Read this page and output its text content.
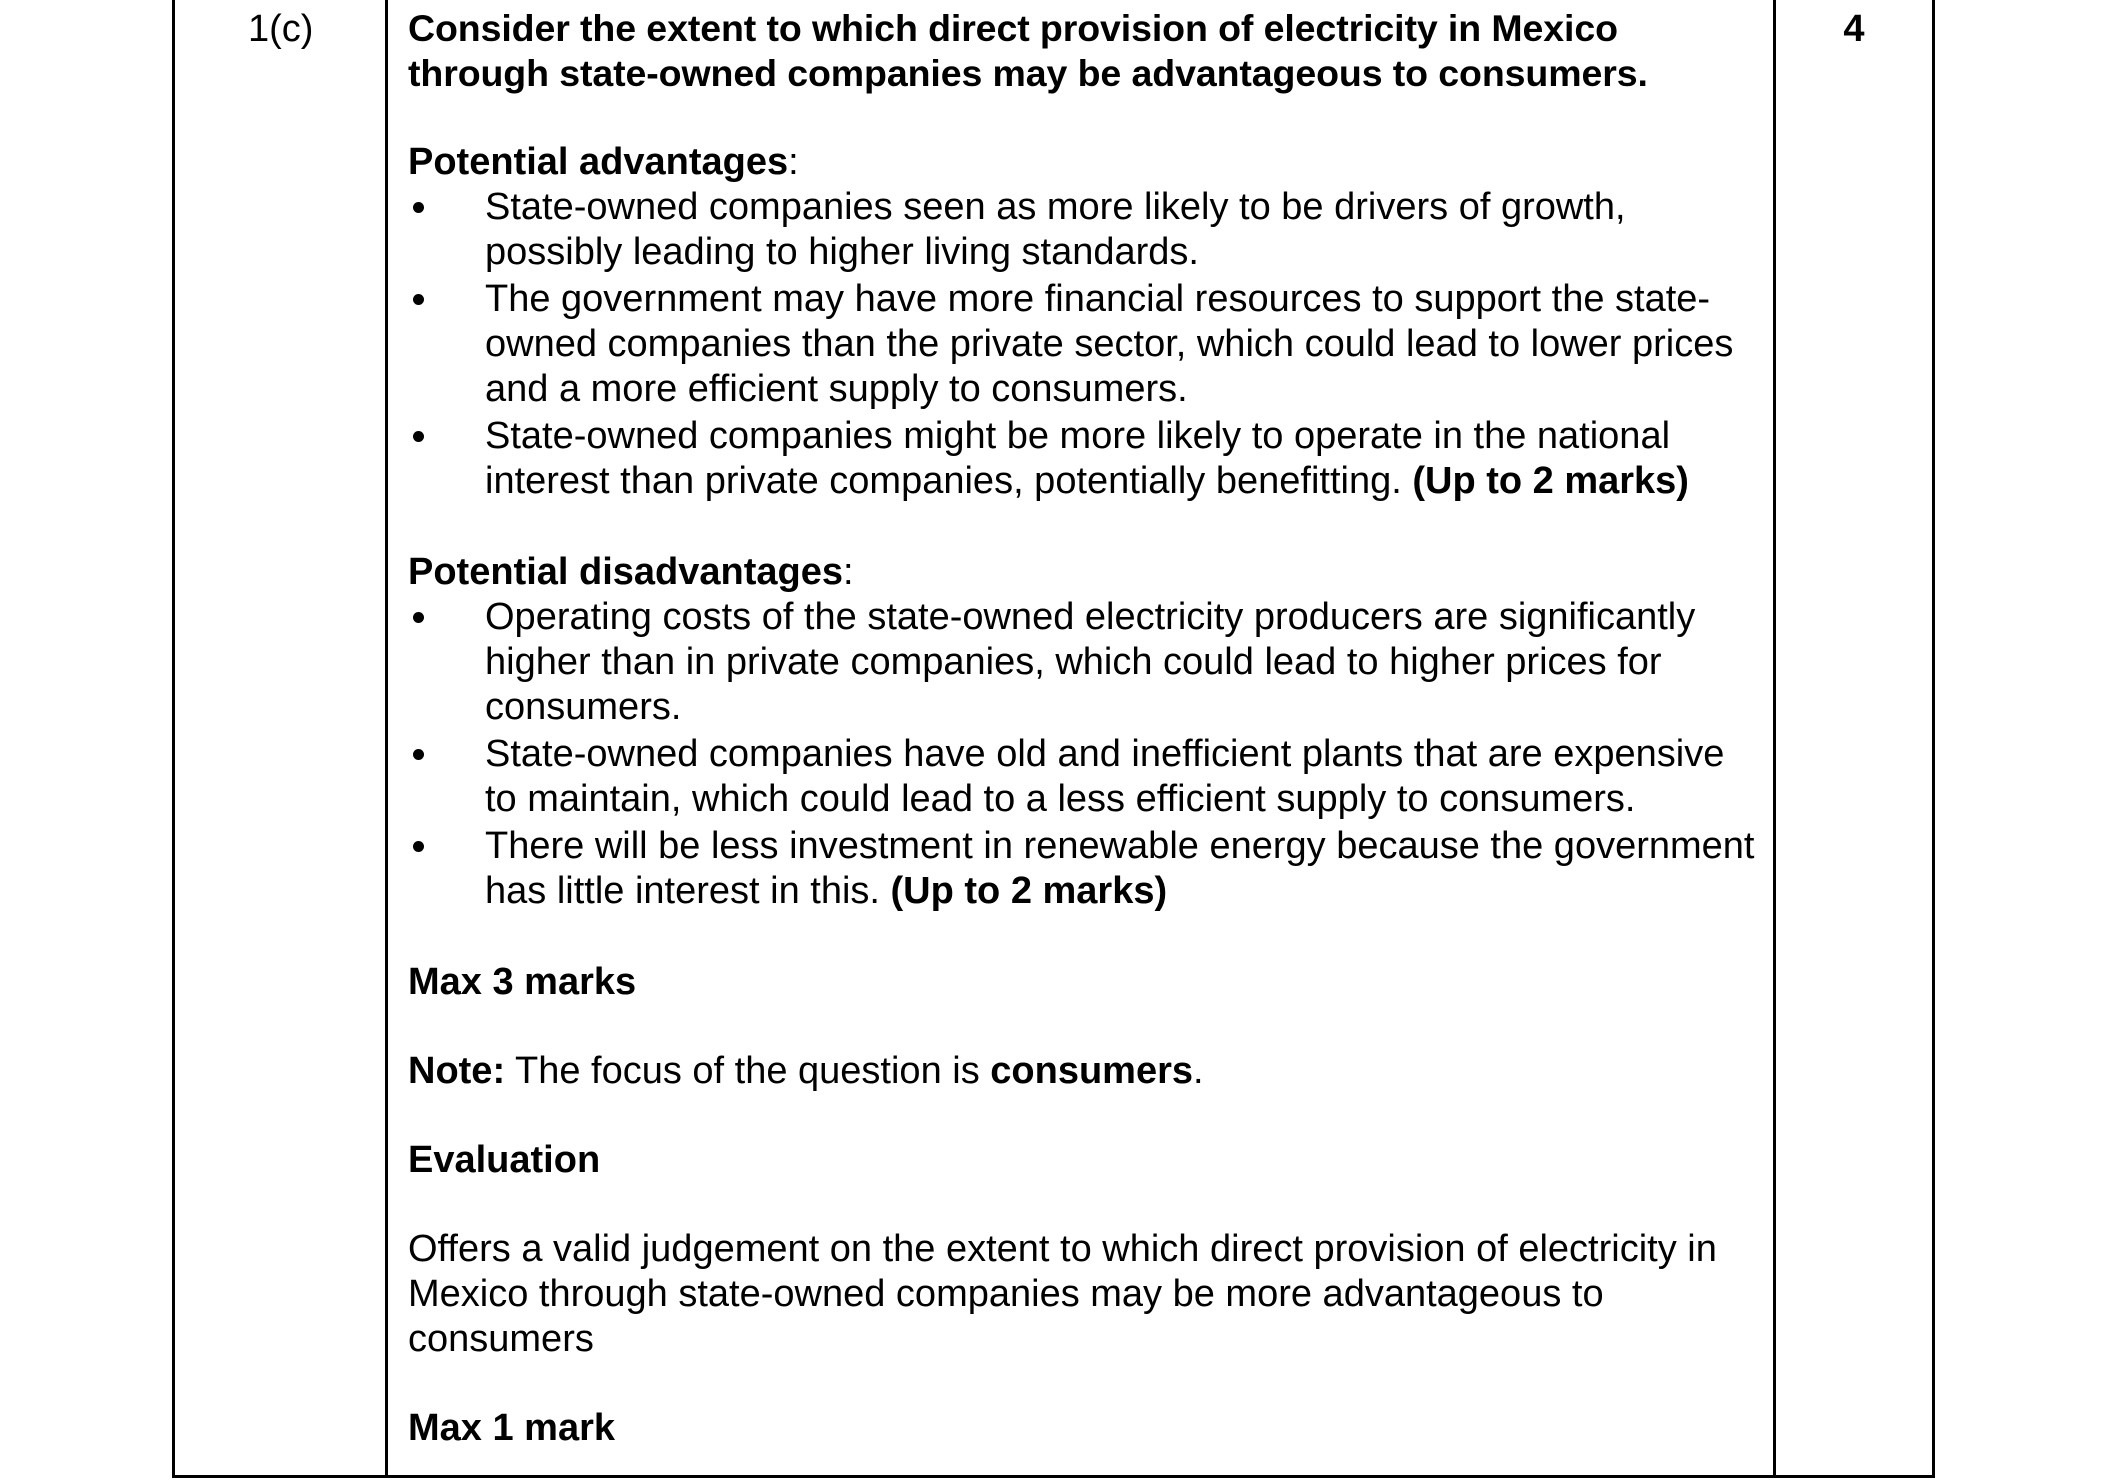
1(c)	4

Consider the extent to which direct provision of electricity in Mexico through state-owned companies may be advantageous to consumers.

Potential advantages:

State-owned companies seen as more likely to be drivers of growth, possibly leading to higher living standards.
The government may have more financial resources to support the state-owned companies than the private sector, which could lead to lower prices and a more efficient supply to consumers.
State-owned companies might be more likely to operate in the national interest than private companies, potentially benefitting. (Up to 2 marks)

Potential disadvantages:

Operating costs of the state-owned electricity producers are significantly higher than in private companies, which could lead to higher prices for consumers.
State-owned companies have old and inefficient plants that are expensive to maintain, which could lead to a less efficient supply to consumers.
There will be less investment in renewable energy because the government has little interest in this. (Up to 2 marks)

Max 3 marks

Note: The focus of the question is consumers.

Evaluation

Offers a valid judgement on the extent to which direct provision of electricity in Mexico through state-owned companies may be more advantageous to consumers

Max 1 mark
